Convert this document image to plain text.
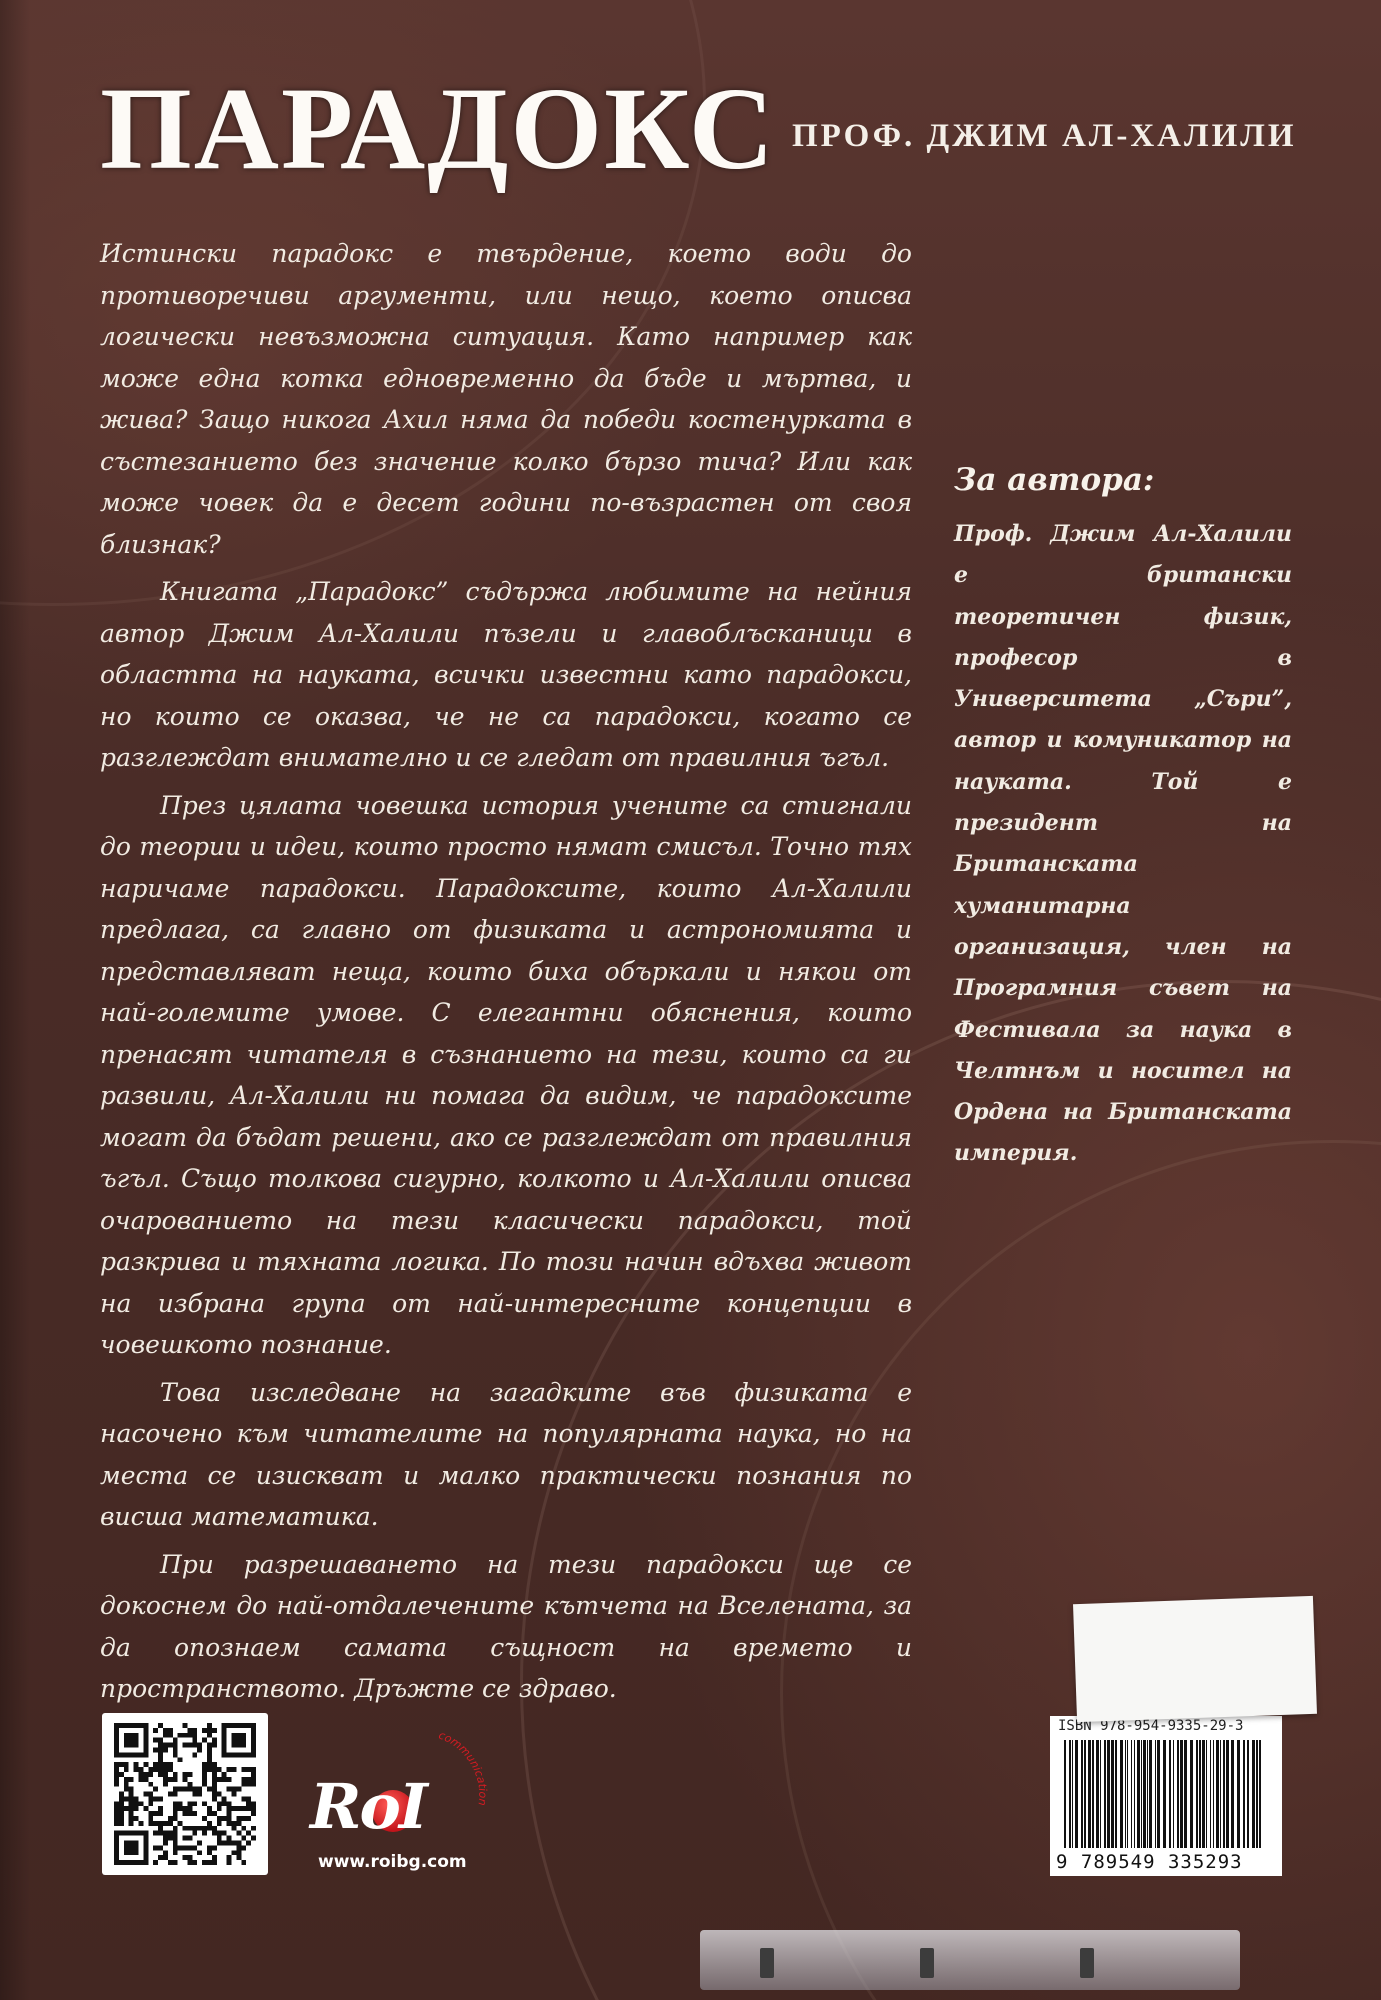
ПАРАДОКС ПРОФ. ДЖИМ АЛ-ХАЛИЛИ

Истински парадокс е твърдение, което води до противоречиви аргументи, или нещо, което описва логически невъзможна ситуация. Като например как може една котка едновременно да бъде и мъртва, и жива? Защо никога Ахил няма да победи костенурката в състезанието без значение колко бързо тича? Или как може човек да е десет години по-възрастен от своя близнак?

Книгата „Парадокс” съдържа любимите на нейния автор Джим Ал-Халили пъзели и главоблъсканици в областта на науката, всички известни като парадокси, но които се оказва, че не са парадокси, когато се разглеждат внимателно и се гледат от правилния ъгъл.

През цялата човешка история учените са стигнали до теории и идеи, които просто нямат смисъл. Точно тях наричаме парадокси. Парадоксите, които Ал-Халили предлага, са главно от физиката и астрономията и представляват неща, които биха объркали и някои от най-големите умове. С елегантни обяснения, които пренасят читателя в съзнанието на тези, които са ги развили, Ал-Халили ни помага да видим, че парадоксите могат да бъдат решени, ако се разглеждат от правилния ъгъл. Също толкова сигурно, колкото и Ал-Халили описва очарованието на тези класически парадокси, той разкрива и тяхната логика. По този начин вдъхва живот на избрана група от най-интересните концепции в човешкото познание.

Това изследване на загадките във физиката е насочено към читателите на популярната наука, но на места се изискват и малко практически познания по висша математика.

При разрешаването на тези парадокси ще се докоснем до най-отдалечените кътчета на Вселената, за да опознаем самата същност на времето и пространството. Дръжте се здраво.

За автора:

Проф. Джим Ал-Халили е британски теоретичен физик, професор в Университета „Съри”, автор и комуникатор на науката. Той е президент на Британската хуманитарна организация, член на Програмния съвет на Фестивала за наука в Челтнъм и носител на Ордена на Британската империя.

communication
RoI
www.roibg.com
ISBN 978-954-9335-29-3
9 789549 335293
